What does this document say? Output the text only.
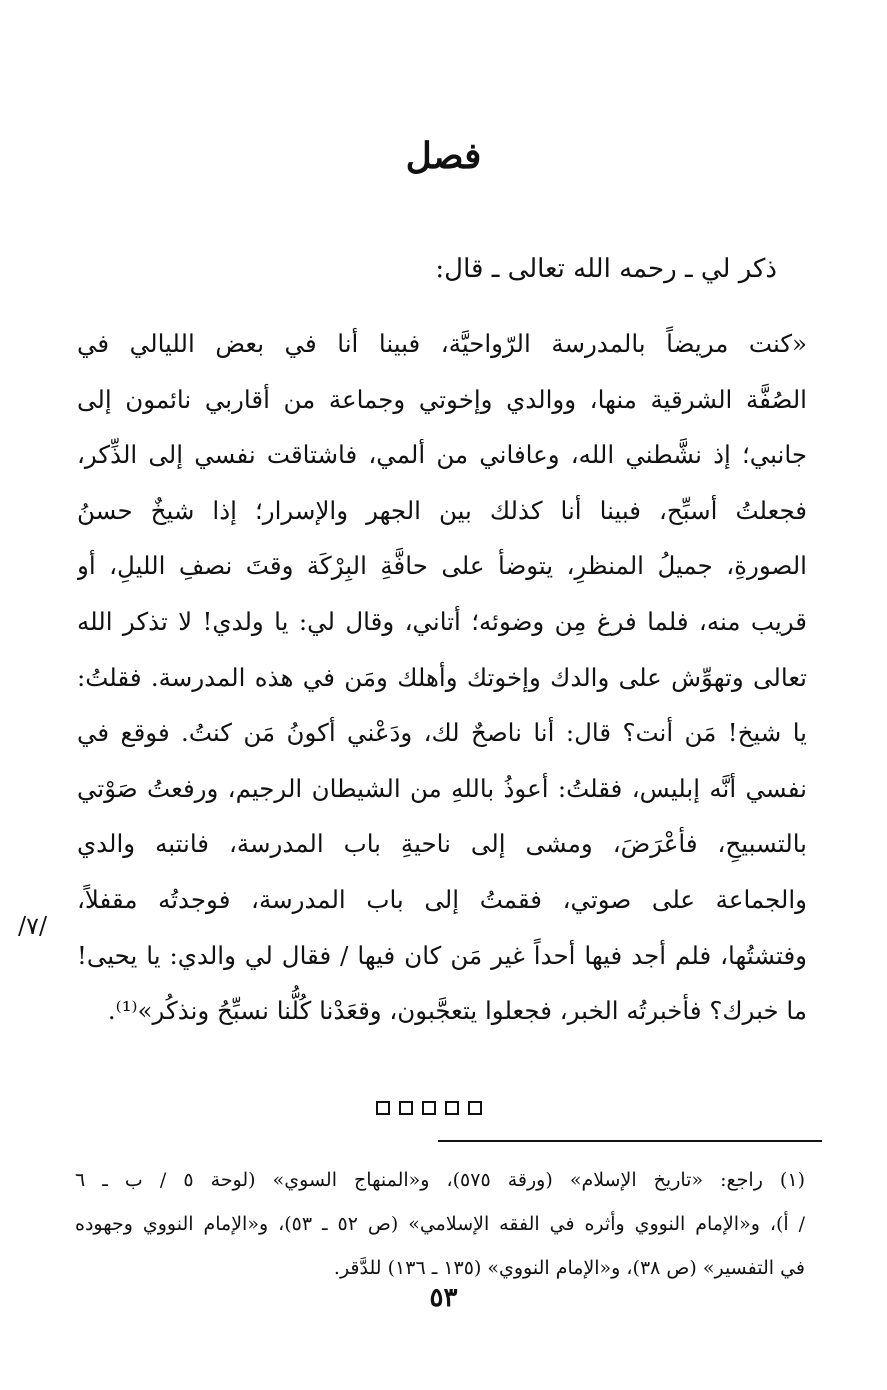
فصل
ذكر لي ـ رحمه الله تعالى ـ قال:
«كنت مريضاً بالمدرسة الرّواحيَّة، فبينا أنا في بعض الليالي في
الصُفَّة الشرقية منها، ووالدي وإخوتي وجماعة من أقاربي نائمون إلى
جانبي؛ إذ نشَّطني الله، وعافاني من ألمي، فاشتاقت نفسي إلى الذِّكر،
فجعلتُ أسبِّح، فبينا أنا كذلك بين الجهر والإسرار؛ إذا شيخٌ حسنُ
الصورةِ، جميلُ المنظرِ، يتوضأ على حافَّةِ البِرْكَة وقتَ نصفِ الليلِ، أو
قريب منه، فلما فرغ مِن وضوئه؛ أتاني، وقال لي: يا ولدي! لا تذكر الله
تعالى وتهوِّش على والدك وإخوتك وأهلك ومَن في هذه المدرسة. فقلتُ:
يا شيخ! مَن أنت؟ قال: أنا ناصحٌ لك، ودَعْني أكونُ مَن كنتُ. فوقع في
نفسي أنَّه إبليس، فقلتُ: أعوذُ باللهِ من الشيطان الرجيم، ورفعتُ صَوْتي
بالتسبيحِ، فأعْرَضَ، ومشى إلى ناحيةِ باب المدرسة، فانتبه والدي
والجماعة على صوتي، فقمتُ إلى باب المدرسة، فوجدتُه مقفلاً،
وفتشتُها، فلم أجد فيها أحداً غير مَن كان فيها / فقال لي والدي: يا يحيى!
ما خبرك؟ فأخبرتُه الخبر، فجعلوا يتعجَّبون، وقعَدْنا كُلُّنا نسبِّحُ ونذكُر»⁽¹⁾.
/٧/
(١) راجع: «تاريخ الإسلام» (ورقة ٥٧٥)، و«المنهاج السوي» (لوحة ٥ / ب ـ ٦
/ أ)، و«الإمام النووي وأثره في الفقه الإسلامي» (ص ٥٢ ـ ٥٣)، و«الإمام النووي وجهوده
في التفسير» (ص ٣٨)، و«الإمام النووي» (١٣٥ ـ ١٣٦) للدَّقر.
٥٣
